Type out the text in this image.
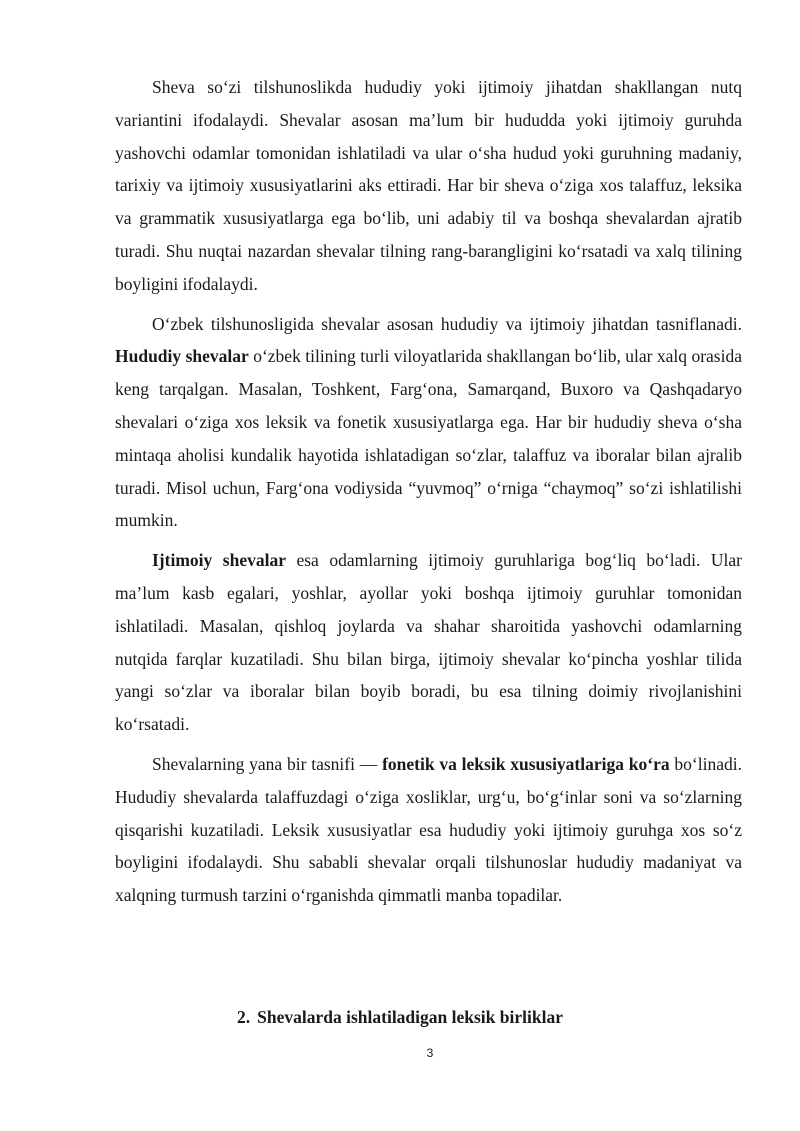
Sheva so‘zi tilshunoslikda hududiy yoki ijtimoiy jihatdan shakllangan nutq variantini ifodalaydi. Shevalar asosan ma’lum bir hududda yoki ijtimoiy guruhda yashovchi odamlar tomonidan ishlatiladi va ular o‘sha hudud yoki guruhning madaniy, tarixiy va ijtimoiy xususiyatlarini aks ettiradi. Har bir sheva o‘ziga xos talaffuz, leksika va grammatik xususiyatlarga ega bo‘lib, uni adabiy til va boshqa shevalardan ajratib turadi. Shu nuqtai nazardan shevalar tilning rang-barangligini ko‘rsatadi va xalq tilining boyligini ifodalaydi.

O‘zbek tilshunosligida shevalar asosan hududiy va ijtimoiy jihatdan tasniflanadi. Hududiy shevalar o‘zbek tilining turli viloyatlarida shakllangan bo‘lib, ular xalq orasida keng tarqalgan. Masalan, Toshkent, Farg‘ona, Samarqand, Buxoro va Qashqadaryo shevalari o‘ziga xos leksik va fonetik xususiyatlarga ega. Har bir hududiy sheva o‘sha mintaqa aholisi kundalik hayotida ishlatadigan so‘zlar, talaffuz va iboralar bilan ajralib turadi. Misol uchun, Farg‘ona vodiysida “yuvmoq” o‘rniga “chaymoq” so‘zi ishlatilishi mumkin.

Ijtimoiy shevalar esa odamlarning ijtimoiy guruhlariga bog‘liq bo‘ladi. Ular ma’lum kasb egalari, yoshlar, ayollar yoki boshqa ijtimoiy guruhlar tomonidan ishlatiladi. Masalan, qishloq joylarda va shahar sharoitida yashovchi odamlarning nutqida farqlar kuzatiladi. Shu bilan birga, ijtimoiy shevalar ko‘pincha yoshlar tilida yangi so‘zlar va iboralar bilan boyib boradi, bu esa tilning doimiy rivojlanishini ko‘rsatadi.

Shevalarning yana bir tasnifi — fonetik va leksik xususiyatlariga ko‘ra bo‘linadi. Hududiy shevalarda talaffuzdagi o‘ziga xosliklar, urg‘u, bo‘g‘inlar soni va so‘zlarning qisqarishi kuzatiladi. Leksik xususiyatlar esa hududiy yoki ijtimoiy guruhga xos so‘z boyligini ifodalaydi. Shu sababli shevalar orqali tilshunoslar hududiy madaniyat va xalqning turmush tarzini o‘rganishda qimmatli manba topadilar.

2. Shevalarda ishlatiladigan leksik birliklar
3
